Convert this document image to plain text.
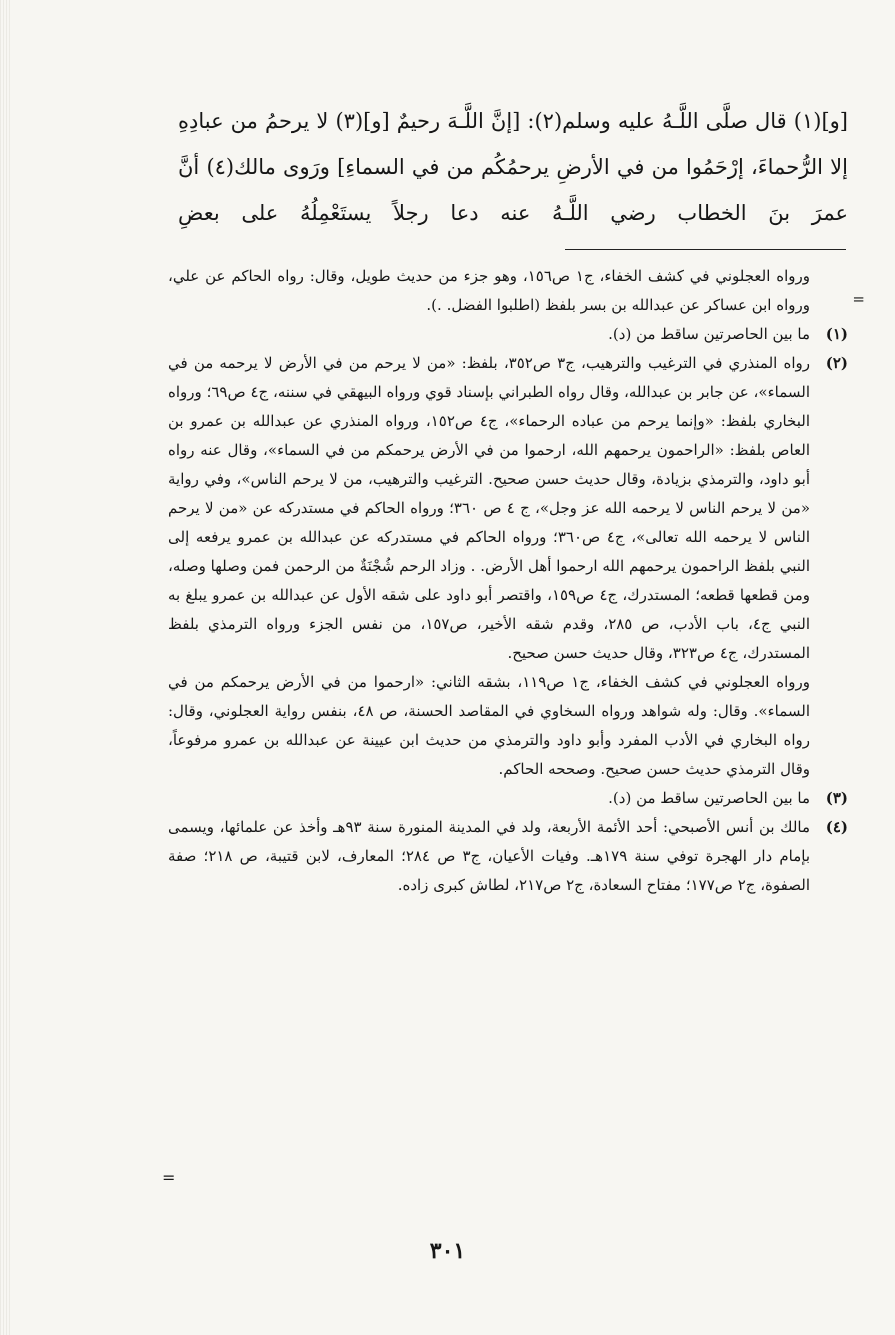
[و](١) قال صلَّى اللَّـهُ عليه وسلم(٢): [إنَّ اللَّـهَ رحيمٌ [و](٣) لا يرحمُ من عبادِهِ إلا الرُّحماءَ، إرْحَمُوا من في الأرضِ يرحمُكُم من في السماءِ] ورَوى مالك(٤) أنَّ عمرَ بنَ الخطاب رضي اللَّـهُ عنه دعا رجلاً يستَعْمِلُهُ على بعضِ

=
ورواه العجلوني في كشف الخفاء، ج١ ص١٥٦، وهو جزء من حديث طويل، وقال: رواه الحاكم عن علي، ورواه ابن عساكر عن عبدالله بن بسر بلفظ (اطلبوا الفضل. .).
(١)
ما بين الحاصرتين ساقط من (د).
(٢)
رواه المنذري في الترغيب والترهيب، ج٣ ص٣٥٢، بلفظ: «من لا يرحم من في الأرض لا يرحمه من في السماء»، عن جابر بن عبدالله، وقال رواه الطبراني بإسناد قوي ورواه البيهقي في سننه، ج٤ ص٦٩؛ ورواه البخاري بلفظ: «وإنما يرحم من عباده الرحماء»، ج٤ ص١٥٢، ورواه المنذري عن عبدالله بن عمرو بن العاص بلفظ: «الراحمون يرحمهم الله، ارحموا من في الأرض يرحمكم من في السماء»، وقال عنه رواه أبو داود، والترمذي بزيادة، وقال حديث حسن صحيح. الترغيب والترهيب، من لا يرحم الناس»، وفي رواية «من لا يرحم الناس لا يرحمه الله عز وجل»، ج ٤ ص ٣٦٠؛ ورواه الحاكم في مستدركه عن «من لا يرحم الناس لا يرحمه الله تعالى»، ج٤ ص٣٦٠؛ ورواه الحاكم في مستدركه عن عبدالله بن عمرو يرفعه إلى النبي بلفظ الراحمون يرحمهم الله ارحموا أهل الأرض. . وزاد الرحم شُجْنَةٌ من الرحمن فمن وصلها وصله، ومن قطعها قطعه؛ المستدرك، ج٤ ص١٥٩، واقتصر أبو داود على شقه الأول عن عبدالله بن عمرو يبلغ به النبي ج٤، باب الأدب، ص ٢٨٥، وقدم شقه الأخير، ص١٥٧، من نفس الجزء ورواه الترمذي بلفظ المستدرك، ج٤ ص٣٢٣، وقال حديث حسن صحيح.
ورواه العجلوني في كشف الخفاء، ج١ ص١١٩، بشقه الثاني: «ارحموا من في الأرض يرحمكم من في السماء». وقال: وله شواهد ورواه السخاوي في المقاصد الحسنة، ص ٤٨، بنفس رواية العجلوني، وقال: رواه البخاري في الأدب المفرد وأبو داود والترمذي من حديث ابن عيينة عن عبدالله بن عمرو مرفوعاً، وقال الترمذي حديث حسن صحيح. وصححه الحاكم.
(٣)
ما بين الحاصرتين ساقط من (د).
(٤)
مالك بن أنس الأصبحي: أحد الأئمة الأربعة، ولد في المدينة المنورة سنة ٩٣هـ وأخذ عن علمائها، ويسمى بإمام دار الهجرة توفي سنة ١٧٩هـ. وفيات الأعيان، ج٣ ص ٢٨٤؛ المعارف، لابن قتيبة، ص ٢١٨؛ صفة الصفوة، ج٢ ص١٧٧؛ مفتاح السعادة، ج٢ ص٢١٧، لطاش كبرى زاده.
=
٣٠١
